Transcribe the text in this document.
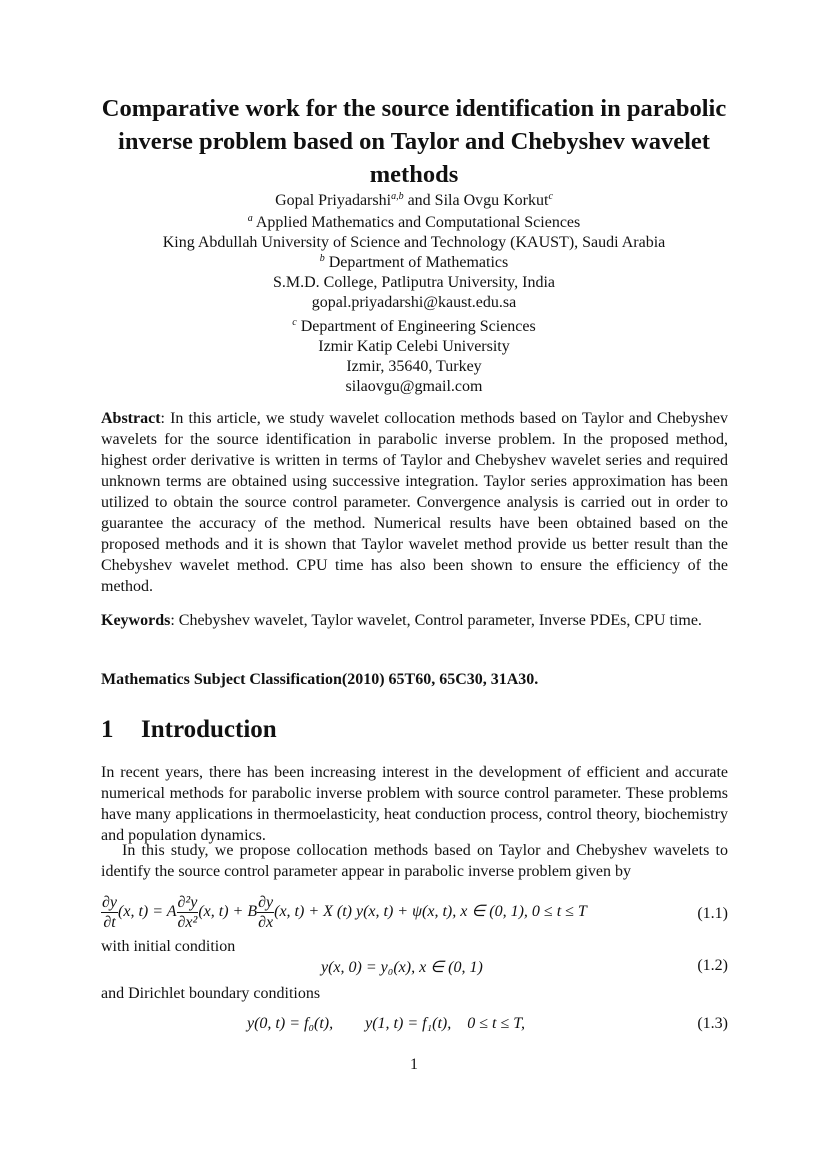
Comparative work for the source identification in parabolic inverse problem based on Taylor and Chebyshev wavelet methods
Gopal Priyadarshi$^{a,b}$ and Sila Ovgu Korkut$^c$
$^a$ Applied Mathematics and Computational Sciences
King Abdullah University of Science and Technology (KAUST), Saudi Arabia
$^b$ Department of Mathematics
S.M.D. College, Patliputra University, India
gopal.priyadarshi@kaust.edu.sa
$^c$ Department of Engineering Sciences
Izmir Katip Celebi University
Izmir, 35640, Turkey
silaovgu@gmail.com
Abstract: In this article, we study wavelet collocation methods based on Taylor and Chebyshev wavelets for the source identification in parabolic inverse problem. In the proposed method, highest order derivative is written in terms of Taylor and Chebyshev wavelet series and required unknown terms are obtained using successive integration. Taylor series approximation has been utilized to obtain the source control parameter. Convergence analysis is carried out in order to guarantee the accuracy of the method. Numerical results have been obtained based on the proposed methods and it is shown that Taylor wavelet method provide us better result than the Chebyshev wavelet method. CPU time has also been shown to ensure the efficiency of the method.
Keywords: Chebyshev wavelet, Taylor wavelet, Control parameter, Inverse PDEs, CPU time.
Mathematics Subject Classification(2010) 65T60, 65C30, 31A30.
1 Introduction
In recent years, there has been increasing interest in the development of efficient and accurate numerical methods for parabolic inverse problem with source control parameter. These problems have many applications in thermoelasticity, heat conduction process, control theory, biochemistry and population dynamics.
In this study, we propose collocation methods based on Taylor and Chebyshev wavelets to identify the source control parameter appear in parabolic inverse problem given by
$\frac{\partial y}{\partial t} (x$, t) = A $\frac{\text{∂²y}}{\text{∂x²}} (x$, t) + B $\frac{\partial y}{\partial x} (x$, t) + X (t) y(x, t) + ψ(x, t), x ∈ (0, 1), 0 ≤ t ≤ T	(1.1)
with initial condition
y(x, 0) = y₀(x), x ∈ (0, 1)	(1.2)
and Dirichlet boundary conditions
y(0, t) = f₀(t),        y(1, t) = f₁(t),    0 ≤ t ≤ T,	(1.3)
1
